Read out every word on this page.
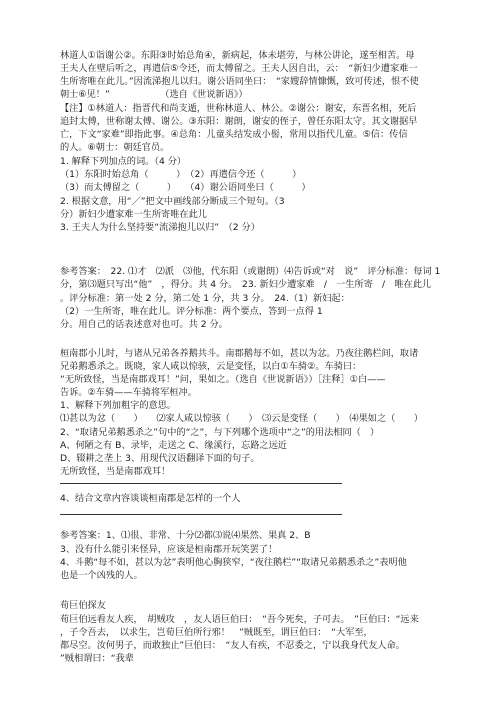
林道人①诣谢公②。东阳③时始总角④，新病起，体未堪劳，与林公讲论，遂至相苦。母
王夫人在壁后听之，再遣信⑤令还，而太傅留之。王夫人因自出，云：　“新妇少遭家难一
生所寄唯在此儿。”因流涕抱儿以归。谢公语同坐曰：　“家嫂辞情慷慨，致可传述，恨不使
朝士⑥见！”　　　　　　（选自《世说新语》）
【注】①林道人：指晋代和尚支遁，世称林道人、林公。②谢公：谢安，东晋名相，死后
追封太傅，世称谢太傅、谢公。③东阳：谢朗，谢安的侄子，曾任东阳太守。其文谢据早
亡，下文“家难”即指此事。④总角：儿童头结发成小髻，常用以指代儿童。⑤信：传信
的人。⑥朝士：朝廷官员。
1. 解释下列加点的词。（4 分）
（1）东阳时始总角（　　　）　（2）再遣信令还（　　　）
（3）而太傅留之（　　　）　　（4）谢公语同坐曰（　　　）
2. 根据文意，用“／”把文中画线部分断成三个短句。（3
分）新妇少遭家难一生所寄唯在此儿
3. 王夫人为什么坚持要“流涕抱儿以归”　（2 分）
参考答案：　22. ⑴才　⑵派　⑶他，代东阳（或谢朗）⑷告诉或“对　说”　评分标准：每词 1
分，第⑶题只写出“他”　，得分。共 4 分。　23. 新妇少遭家难　/　一生所寄　/　唯在此儿
。评分标准：第一处 2 分，第二处 1 分，共 3 分。　24.（1）新妇起：
（2）一生所寄，唯在此儿。评分标准：两个要点，答到一点得 1
分。用自己的话表述意对也可。共 2 分。
桓南郡小儿时，与诸从兄弟各养鹅共斗。南郡鹅每不如，甚以为忿。乃夜往鹅栏间，取诸
兄弟鹅悉杀之。既晓，家人咸以惊骇，云是变怪，以白①车骑②。车骑曰：
“无所致怪，当是南郡戏耳！”问，果如之。（选自《世说新语》）［注释］①白——
告诉。②车骑——车骑将军桓冲。
1、解释下列加粗字的意思。
⑴甚以为忿（　　）　　⑵家人咸以惊骇（　　）　⑶云是变怪（　　）　⑷果如之（　　）
2、“取诸兄弟鹅悉杀之”句中的“之”，与下列哪个选项中“之”的用法相同（　）
A、何陋之有 B、录毕，走送之 C、缘溪行，忘路之远近
D、辍耕之垄上 3、用现代汉语翻译下面的句子。
无所致怪，当是南郡戏耳！
4、结合文章内容谈谈桓南郡是怎样的一个人
参考答案：1、⑴很、非常、十分⑵都⑶说⑷果然、果真 2、B
3、没有什么能引来怪异，应该是桓南郡开玩笑罢了！
4、斗鹅“每不如，甚以为忿”表明他心胸狭窄，“夜往鹅栏”“取诸兄弟鹅悉杀之”表明他
也是一个凶残的人。
荀巨伯探友
荀巨伯远看友人疾，　胡贼攻　，友人语巨伯曰：　“吾今死矣，子可去。　”巨伯曰：“远来
，子令吾去，　以求生，岂荀巨伯所行邪！　”贼既至，谓巨伯曰：　“大军至，
都尽空。汝何男子，而敢独止”巨伯曰：　“友人有疾，不忍委之，宁以我身代友人命。
”贼相谓曰：“我辈
